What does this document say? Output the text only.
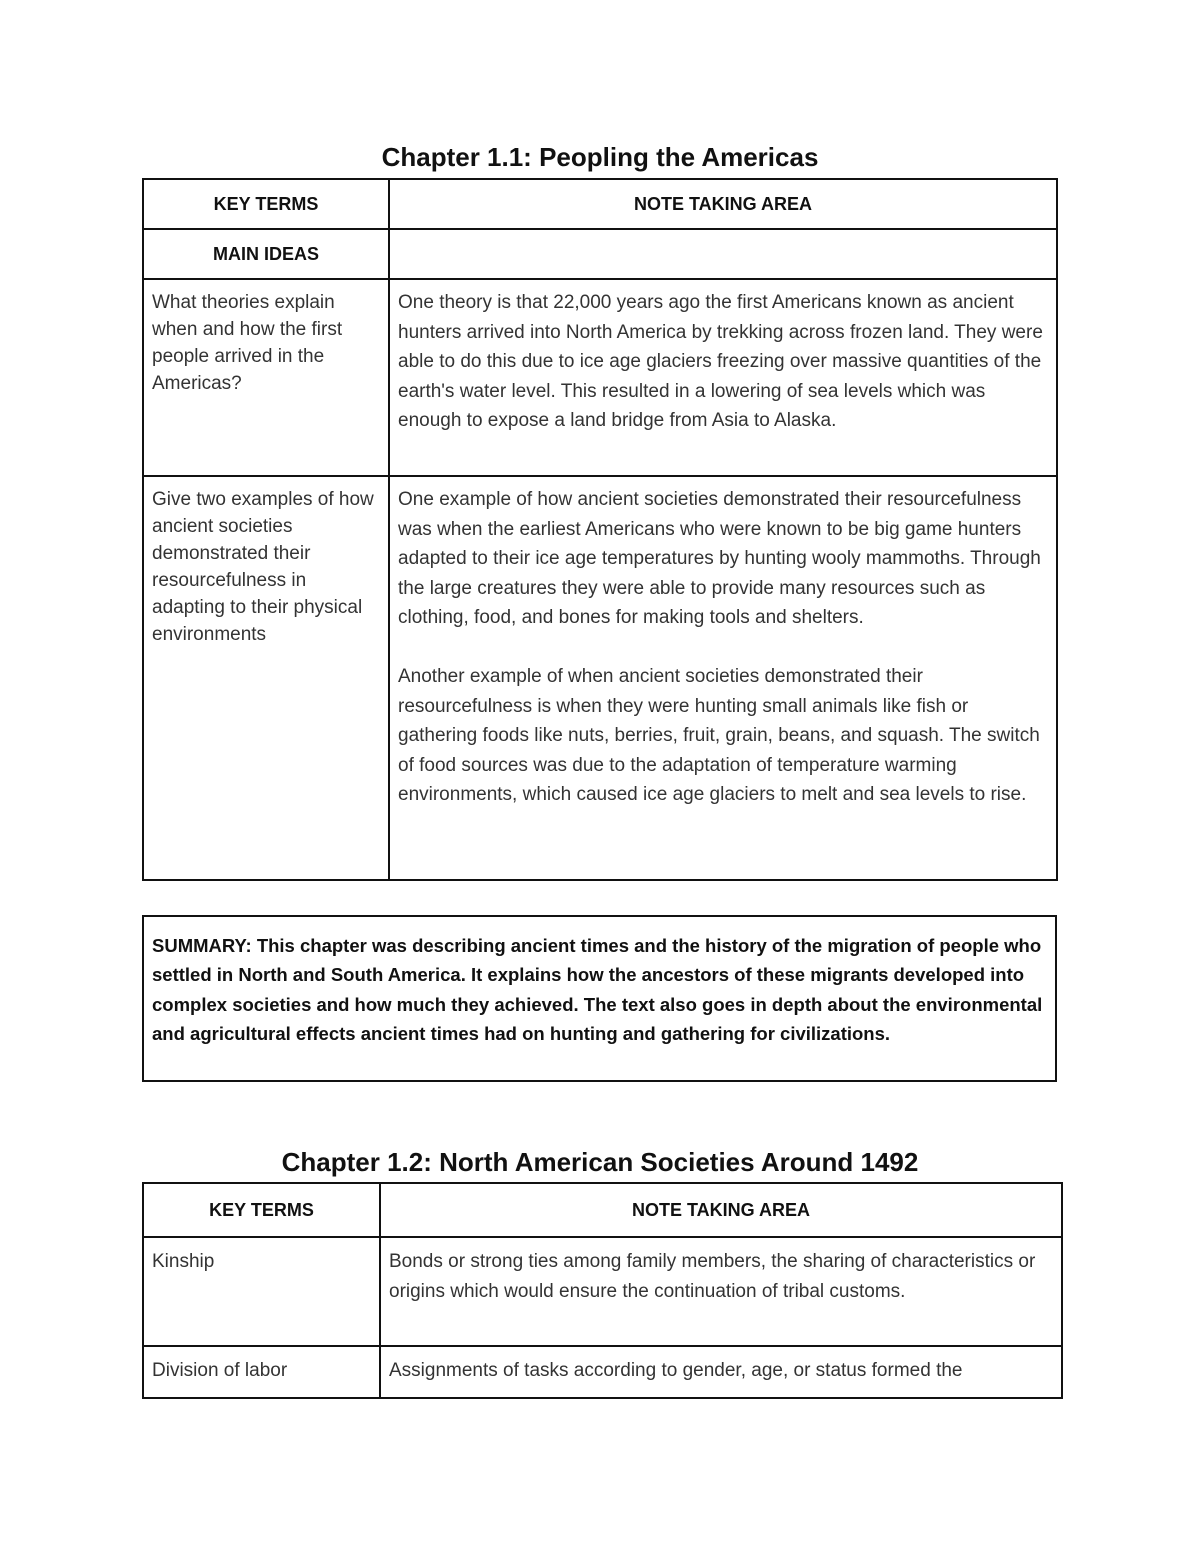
Chapter 1.1: Peopling the Americas
KEY TERMS	NOTE TAKING AREA
MAIN IDEAS	

What theories explain when and how the first people arrived in the Americas?	One theory is that 22,000 years ago the first Americans known as ancient hunters arrived into North America by trekking across frozen land. They were able to do this due to ice age glaciers freezing over massive quantities of the earth's water level. This resulted in a lowering of sea levels which was enough to expose a land bridge from Asia to Alaska.

Give two examples of how ancient societies demonstrated their resourcefulness in adapting to their physical environments	One example of how ancient societies demonstrated their resourcefulness was when the earliest Americans who were known to be big game hunters adapted to their ice age temperatures by hunting wooly mammoths. Through the large creatures they were able to provide many resources such as clothing, food, and bones for making tools and shelters.
Another example of when ancient societies demonstrated their resourcefulness is when they were hunting small animals like fish or gathering foods like nuts, berries, fruit, grain, beans, and squash. The switch of food sources was due to the adaptation of temperature warming environments, which caused ice age glaciers to melt and sea levels to rise.
SUMMARY: This chapter was describing ancient times and the history of the migration of people who settled in North and South America. It explains how the ancestors of these migrants developed into complex societies and how much they achieved. The text also goes in depth about the environmental and agricultural effects ancient times had on hunting and gathering for civilizations.
Chapter 1.2: North American Societies Around 1492
KEY TERMS	NOTE TAKING AREA

Kinship	Bonds or strong ties among family members, the sharing of characteristics or origins which would ensure the continuation of tribal customs.

Division of labor	Assignments of tasks according to gender, age, or status formed the
